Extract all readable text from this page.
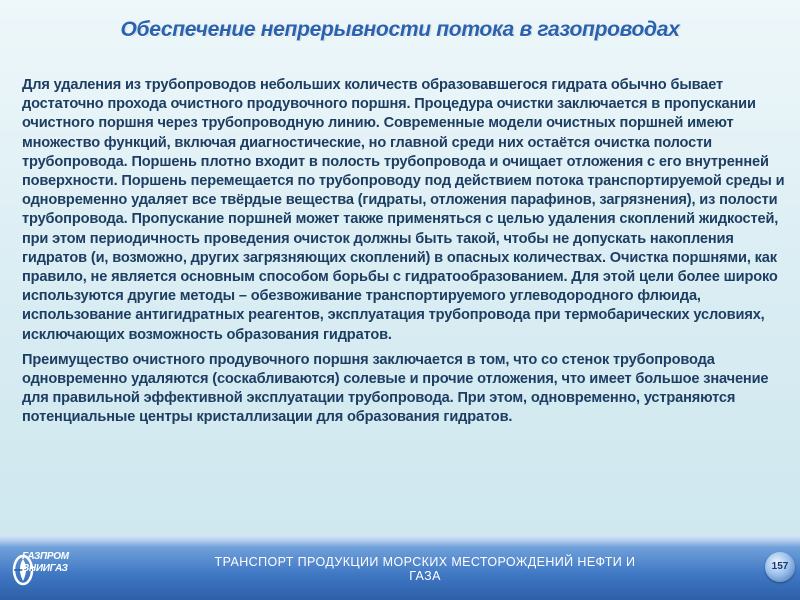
Обеспечение непрерывности потока в газопроводах

Для удаления из трубопроводов небольших количеств образовавшегося гидрата обычно бывает достаточно прохода очистного продувочного поршня. Процедура очистки заключается в пропускании очистного поршня через трубопроводную линию. Современные модели очистных поршней имеют множество функций, включая диагностические, но главной среди них остаётся очистка полости трубопровода. Поршень плотно входит в полость трубопровода и очищает отложения с его внутренней поверхности. Поршень перемещается по трубопроводу под действием потока транспортируемой среды и одновременно удаляет все твёрдые вещества (гидраты, отложения парафинов, загрязнения), из полости трубопровода. Пропускание поршней может также применяться с целью удаления скоплений жидкостей, при этом периодичность проведения очисток должны быть такой, чтобы не допускать накопления гидратов (и, возможно, других загрязняющих скоплений) в опасных количествах. Очистка поршнями, как правило, не является основным способом борьбы с гидратообразованием. Для этой цели более широко используются другие методы – обезвоживание транспортируемого углеводородного флюида, использование антигидратных реагентов, эксплуатация трубопровода при термобарических условиях, исключающих возможность образования гидратов.

Преимущество очистного продувочного поршня заключается в том, что со стенок трубопровода одновременно удаляются (соскабливаются) солевые и прочие отложения, что имеет большое значение для правильной эффективной эксплуатации трубопровода. При этом, одновременно, устраняются потенциальные центры кристаллизации для образования гидратов.

ГАЗПРОМ ВНИИГАЗ	ТРАНСПОРТ ПРОДУКЦИИ МОРСКИХ МЕСТОРОЖДЕНИЙ НЕФТИ И ГАЗА
157
